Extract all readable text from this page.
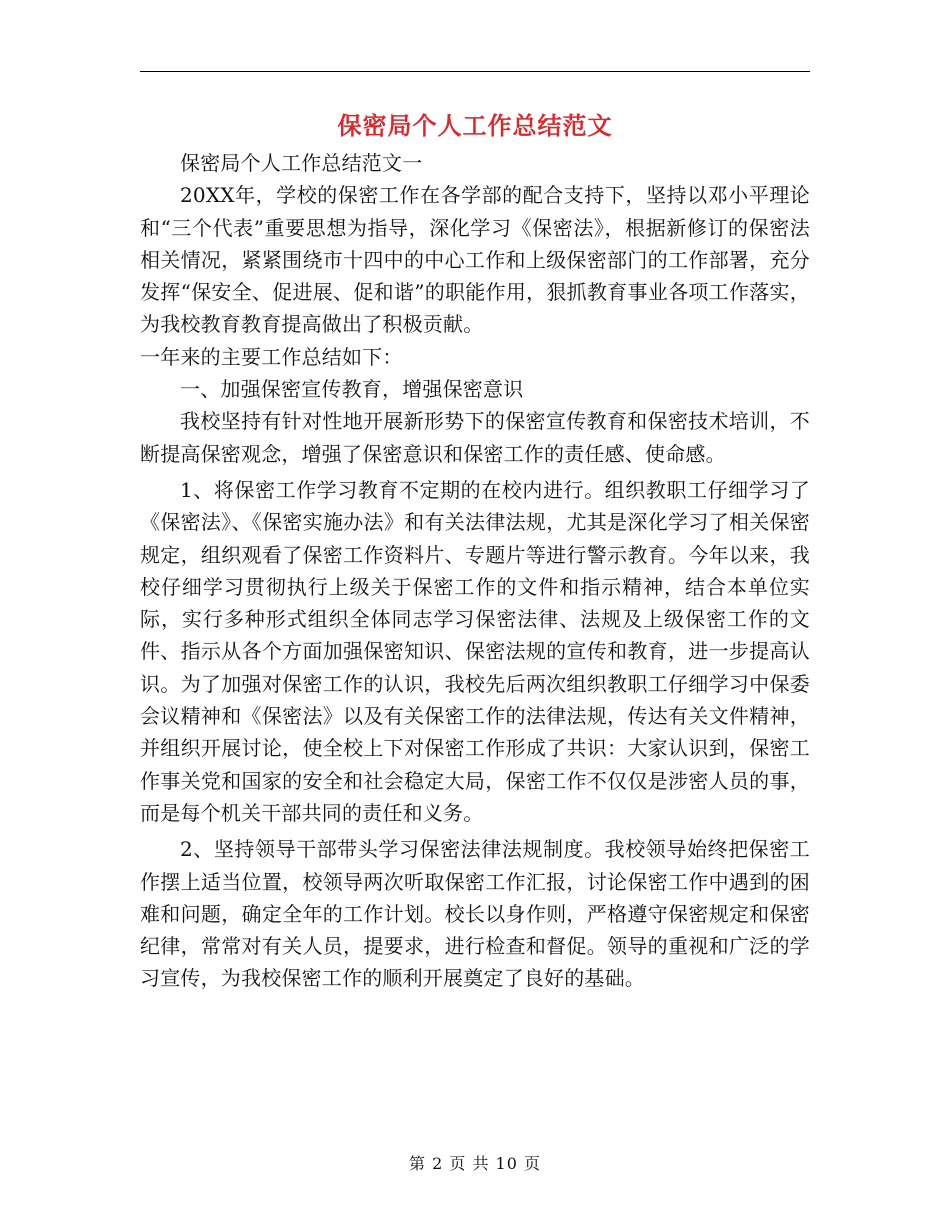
保密局个人工作总结范文

保密局个人工作总结范文一

20XX年，学校的保密工作在各学部的配合支持下，坚持以邓小平理论和“三个代表”重要思想为指导，深化学习《保密法》，根据新修订的保密法相关情况，紧紧围绕市十四中的中心工作和上级保密部门的工作部署，充分发挥“保安全、促进展、促和谐”的职能作用，狠抓教育事业各项工作落实，为我校教育教育提高做出了积极贡献。

一年来的主要工作总结如下：

一、加强保密宣传教育，增强保密意识

我校坚持有针对性地开展新形势下的保密宣传教育和保密技术培训，不断提高保密观念，增强了保密意识和保密工作的责任感、使命感。

1、将保密工作学习教育不定期的在校内进行。组织教职工仔细学习了《保密法》、《保密实施办法》和有关法律法规，尤其是深化学习了相关保密规定，组织观看了保密工作资料片、专题片等进行警示教育。今年以来，我校仔细学习贯彻执行上级关于保密工作的文件和指示精神，结合本单位实际，实行多种形式组织全体同志学习保密法律、法规及上级保密工作的文件、指示从各个方面加强保密知识、保密法规的宣传和教育，进一步提高认识。为了加强对保密工作的认识，我校先后两次组织教职工仔细学习中保委会议精神和《保密法》以及有关保密工作的法律法规，传达有关文件精神，并组织开展讨论，使全校上下对保密工作形成了共识：大家认识到，保密工作事关党和国家的安全和社会稳定大局，保密工作不仅仅是涉密人员的事，而是每个机关干部共同的责任和义务。

2、坚持领导干部带头学习保密法律法规制度。我校领导始终把保密工作摆上适当位置，校领导两次听取保密工作汇报，讨论保密工作中遇到的困难和问题，确定全年的工作计划。校长以身作则，严格遵守保密规定和保密纪律，常常对有关人员，提要求，进行检查和督促。领导的重视和广泛的学习宣传，为我校保密工作的顺利开展奠定了良好的基础。

第 2 页 共 10 页
